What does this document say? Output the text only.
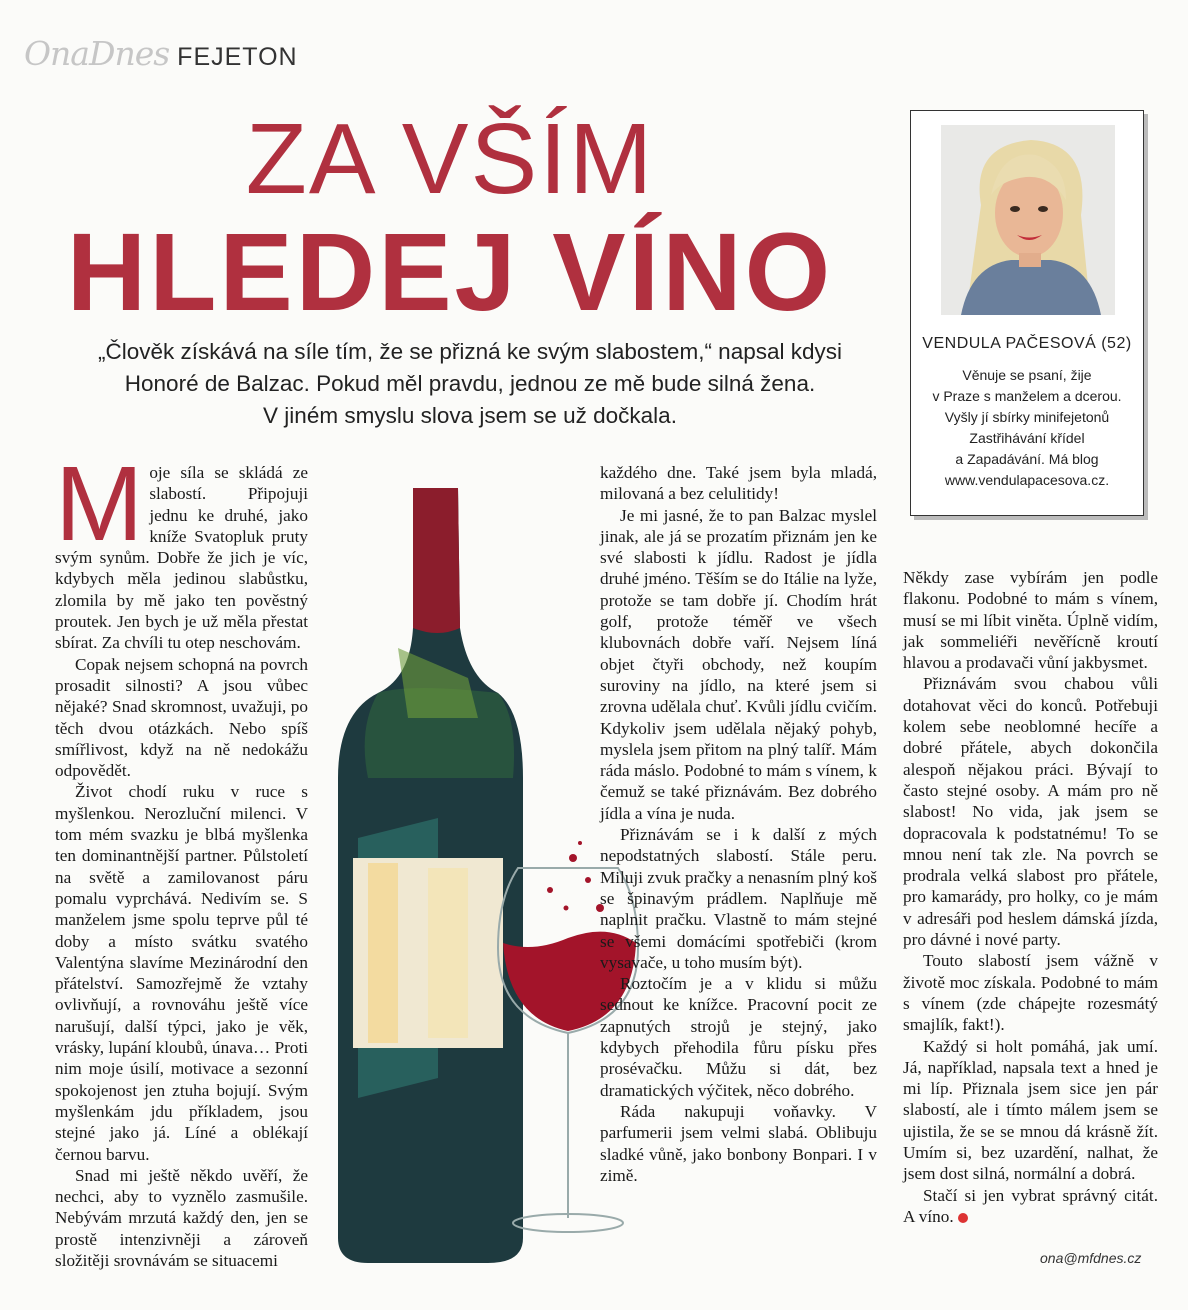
OnaDnes FEJETON
ZA VŠÍM
HLEDEJ VÍNO

„Člověk získává na síle tím, že se přizná ke svým slabostem,“ napsal kdysi

Honoré de Balzac. Pokud měl pravdu, jednou ze mě bude silná žena.

V jiném smyslu slova jsem se už dočkala.

VENDULA PAČESOVÁ (52)
Věnuje se psaní, žije
v Praze s manželem a dcerou.
Vyšly jí sbírky minifejetonů
Zastřihávání křídel
a Zapadávání. Má blog
www.vendulapacesova.cz.

Moje síla se skládá ze slabostí. Připojuji jednu ke druhé, jako kníže Svatopluk pruty svým synům. Dobře že jich je víc, kdybych měla jedinou slabůstku, zlomila by mě jako ten pověstný proutek. Jen bych je už měla přestat sbírat. Za chvíli tu otep neschovám.

Copak nejsem schopná na povrch prosadit silnosti? A jsou vůbec nějaké? Snad skromnost, uvažuji, po těch dvou otázkách. Nebo spíš smířlivost, když na ně nedokážu odpovědět.

Život chodí ruku v ruce s myšlenkou. Nerozluční milenci. V tom mém svazku je blbá myšlenka ten dominantnější partner. Půlstoletí na světě a zamilovanost páru pomalu vyprchává. Nedivím se. S manželem jsme spolu teprve půl té doby a místo svátku svatého Valentýna slavíme Mezinárodní den přátelství. Samozřejmě že vztahy ovlivňují, a rovnováhu ještě více narušují, další týpci, jako je věk, vrásky, lupání kloubů, únava… Proti nim moje úsilí, motivace a sezonní spokojenost jen ztuha bojují. Svým myšlenkám jdu příkladem, jsou stejné jako já. Líné a oblékají černou barvu.

Snad mi ještě někdo uvěří, že nechci, aby to vyznělo zasmušile. Nebývám mrzutá každý den, jen se prostě intenzivněji a zároveň složitěji srovnávám se situacemi

každého dne. Také jsem byla mladá, milovaná a bez celulitidy!

Je mi jasné, že to pan Balzac myslel jinak, ale já se prozatím přiznám jen ke své slabosti k jídlu. Radost je jídla druhé jméno. Těším se do Itálie na lyže, protože se tam dobře jí. Chodím hrát golf, protože téměř ve všech klubovnách dobře vaří. Nejsem líná objet čtyři obchody, než koupím suroviny na jídlo, na které jsem si zrovna udělala chuť. Kvůli jídlu cvičím. Kdykoliv jsem udělala nějaký pohyb, myslela jsem přitom na plný talíř. Mám ráda máslo. Podobné to mám s vínem, k čemuž se také přiznávám. Bez dobrého jídla a vína je nuda.

Přiznávám se i k další z mých nepodstatných slabostí. Stále peru. Miluji zvuk pračky a nenasním plný koš se špinavým prádlem. Naplňuje mě naplnit pračku. Vlastně to mám stejné se všemi domácími spotřebiči (krom vysavače, u toho musím být).

Roztočím je a v klidu si můžu sednout ke knížce. Pracovní pocit ze zapnutých strojů je stejný, jako kdybych přehodila fůru písku přes prosévačku. Můžu si dát, bez dramatických výčitek, něco dobrého.

Ráda nakupuji voňavky. V parfumerii jsem velmi slabá. Oblibuju sladké vůně, jako bonbony Bonpari. I v zimě.

Někdy zase vybírám jen podle flakonu. Podobné to mám s vínem, musí se mi líbit viněta. Úplně vidím, jak sommeliéři nevěřícně kroutí hlavou a prodavači vůní jakbysmet.

Přiznávám svou chabou vůli dotahovat věci do konců. Potřebuji kolem sebe neoblomné hecíře a dobré přátele, abych dokončila alespoň nějakou práci. Bývají to často stejné osoby. A mám pro ně slabost! No vida, jak jsem se dopracovala k podstatnému! To se mnou není tak zle. Na povrch se prodrala velká slabost pro přátele, pro kamarády, pro holky, co je mám v adresáři pod heslem dámská jízda, pro dávné i nové party.

Touto slabostí jsem vážně v životě moc získala. Podobné to mám s vínem (zde chápejte rozesmátý smajlík, fakt!).

Každý si holt pomáhá, jak umí. Já, například, napsala text a hned je mi líp. Přiznala jsem sice jen pár slabostí, ale i tímto málem jsem se ujistila, že se se mnou dá krásně žít. Umím si, bez uzardění, nalhat, že jsem dost silná, normální a dobrá.

Stačí si jen vybrat správný citát. A víno.

ona@mfdnes.cz
